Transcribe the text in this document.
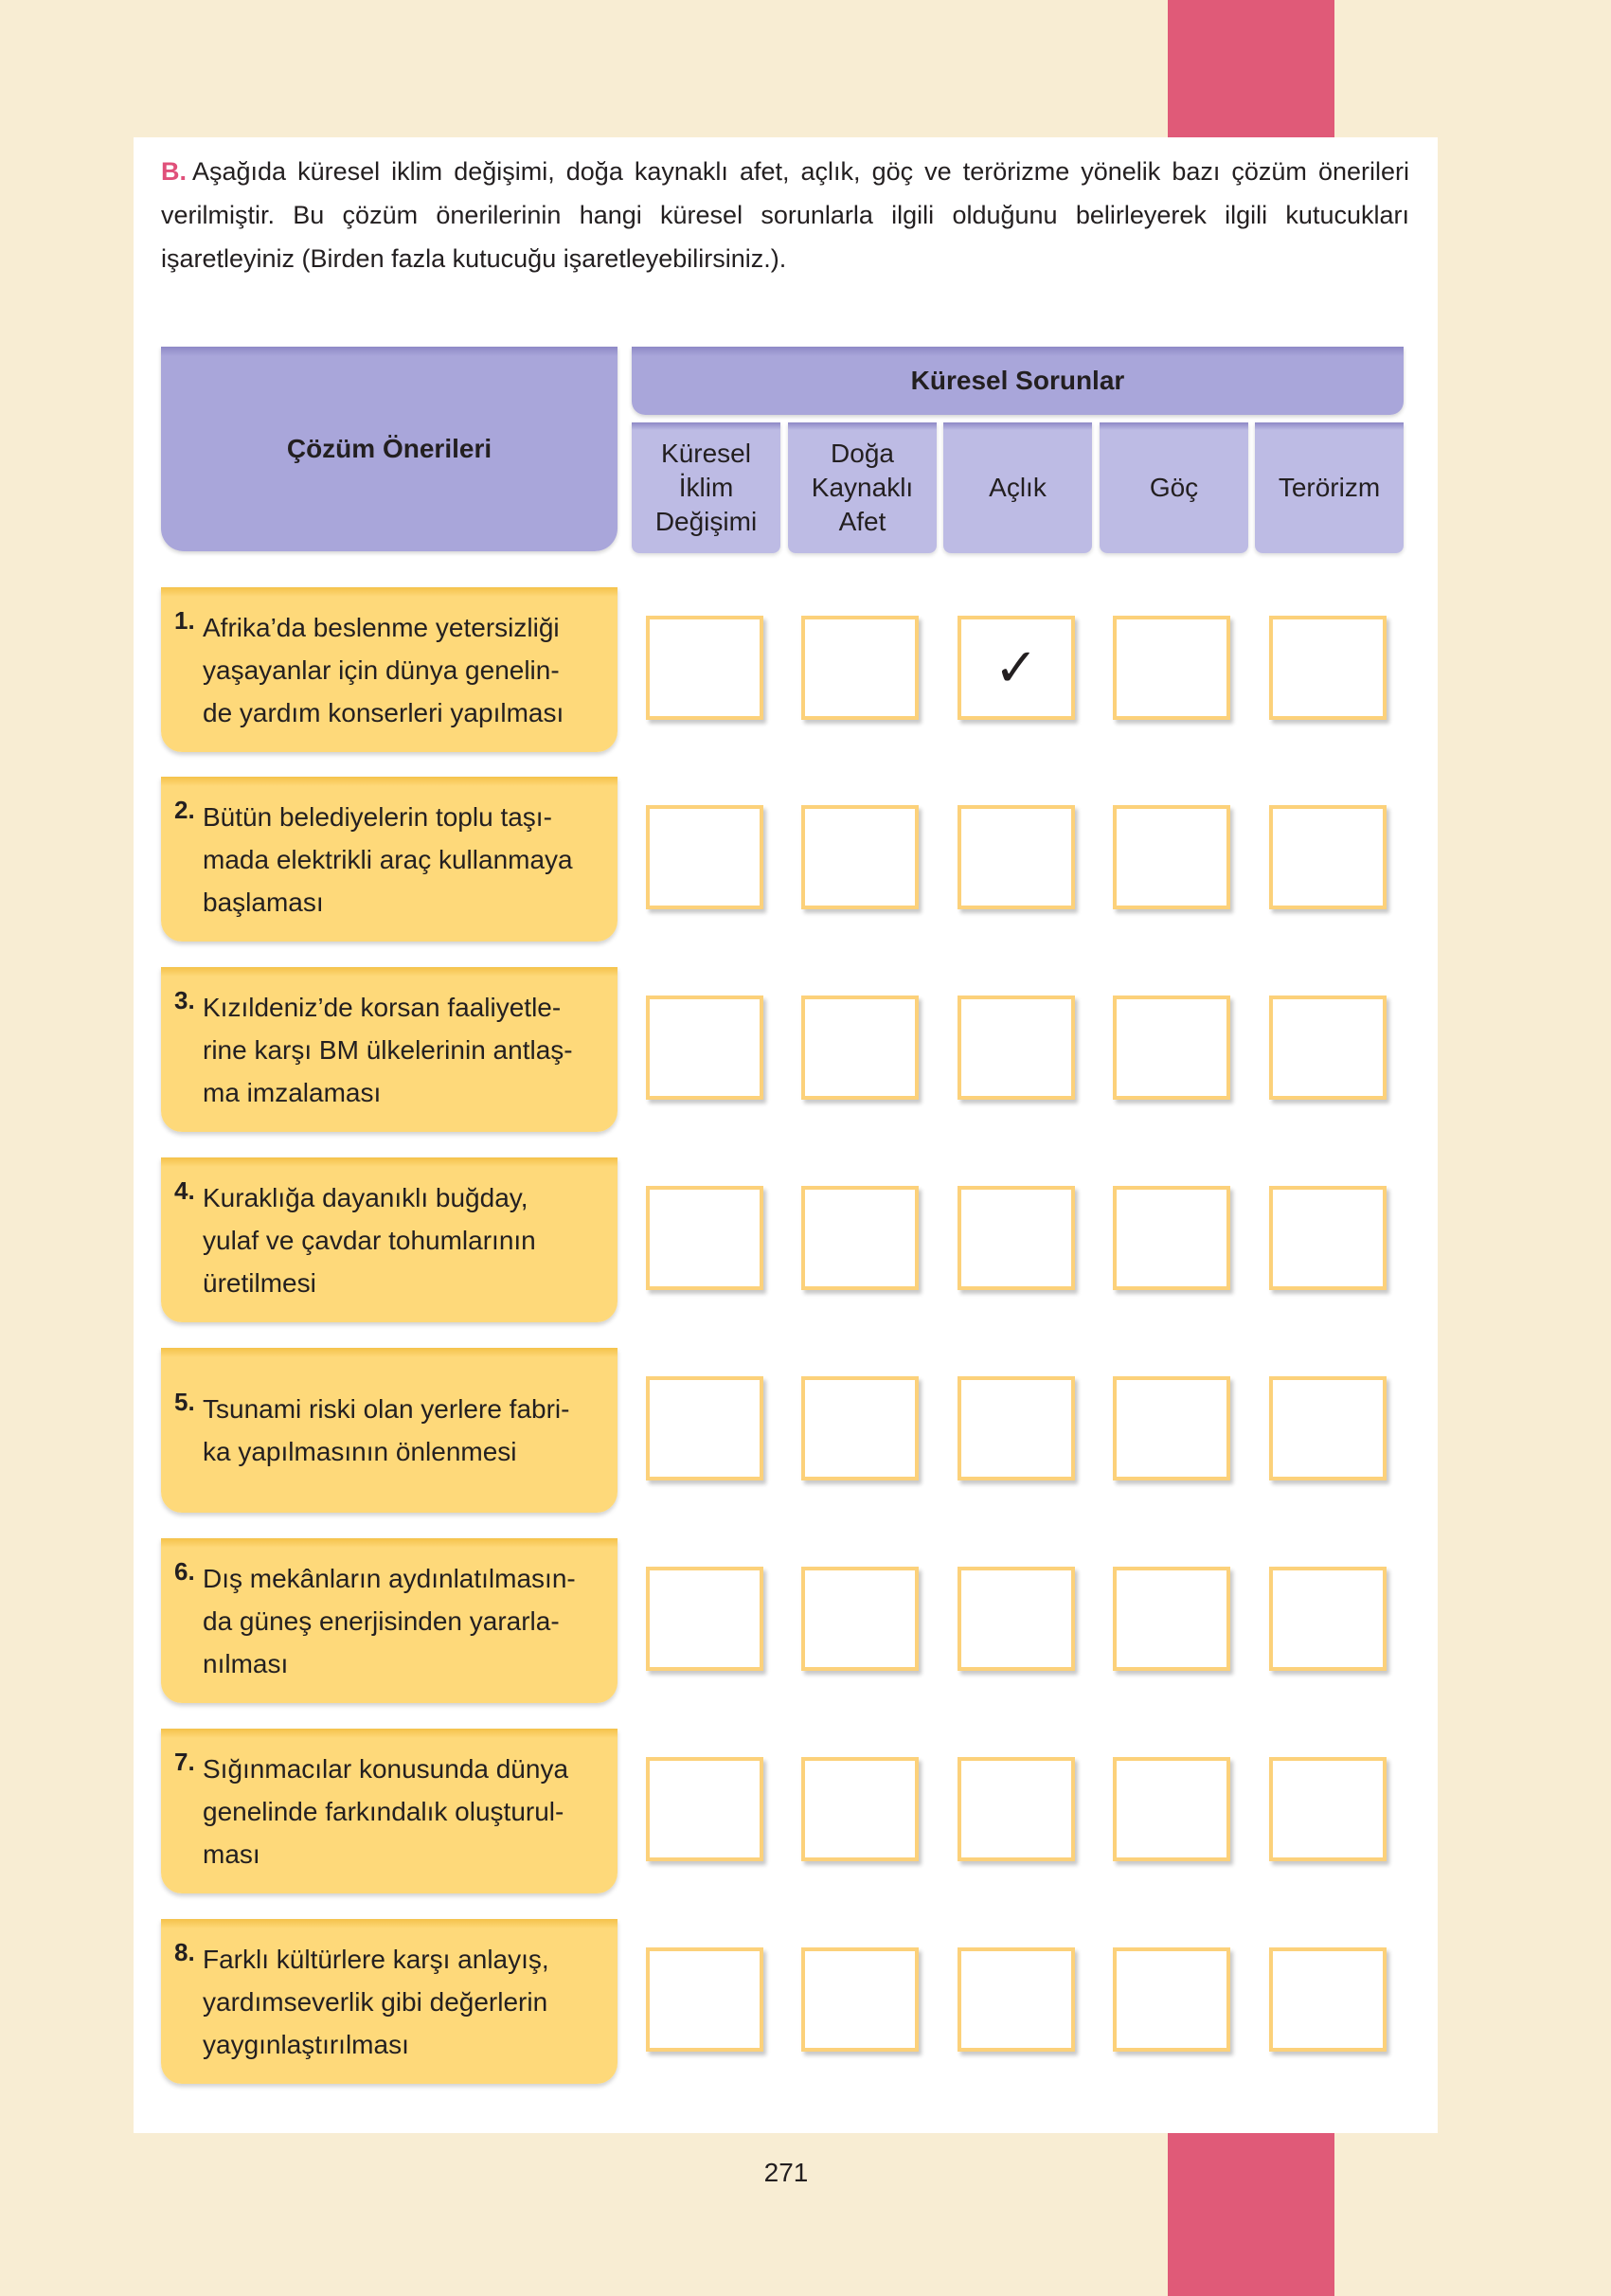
B. Aşağıda küresel iklim değişimi, doğa kaynaklı afet, açlık, göç ve terörizme yönelik bazı çözüm önerileri verilmiştir. Bu çözüm önerilerinin hangi küresel sorunlarla ilgili olduğunu belirleyerek ilgili kutucukları işaretleyiniz (Birden fazla kutucuğu işaretleyebilirsiniz.).

Çözüm Önerileri
Küresel Sorunlar
Küresel
İklim
Değişimi
Doğa
Kaynaklı
Afet
Açlık	Göç	Terörizm
1. Afrika’da beslenme yetersizliği
yaşayanlar için dünya genelin-
de yardım konserleri yapılması
✓
2. Bütün belediyelerin toplu taşı-
mada elektrikli araç kullanmaya
başlaması
3. Kızıldeniz’de korsan faaliyetle-
rine karşı BM ülkelerinin antlaş-
ma imzalaması
4. Kuraklığa dayanıklı buğday,
yulaf ve çavdar tohumlarının
üretilmesi
5. Tsunami riski olan yerlere fabri-
ka yapılmasının önlenmesi
6. Dış mekânların aydınlatılmasın-
da güneş enerjisinden yararla-
nılması
7. Sığınmacılar konusunda dünya
genelinde farkındalık oluşturul-
ması
8. Farklı kültürlere karşı anlayış,
yardımseverlik gibi değerlerin
yaygınlaştırılması
271
